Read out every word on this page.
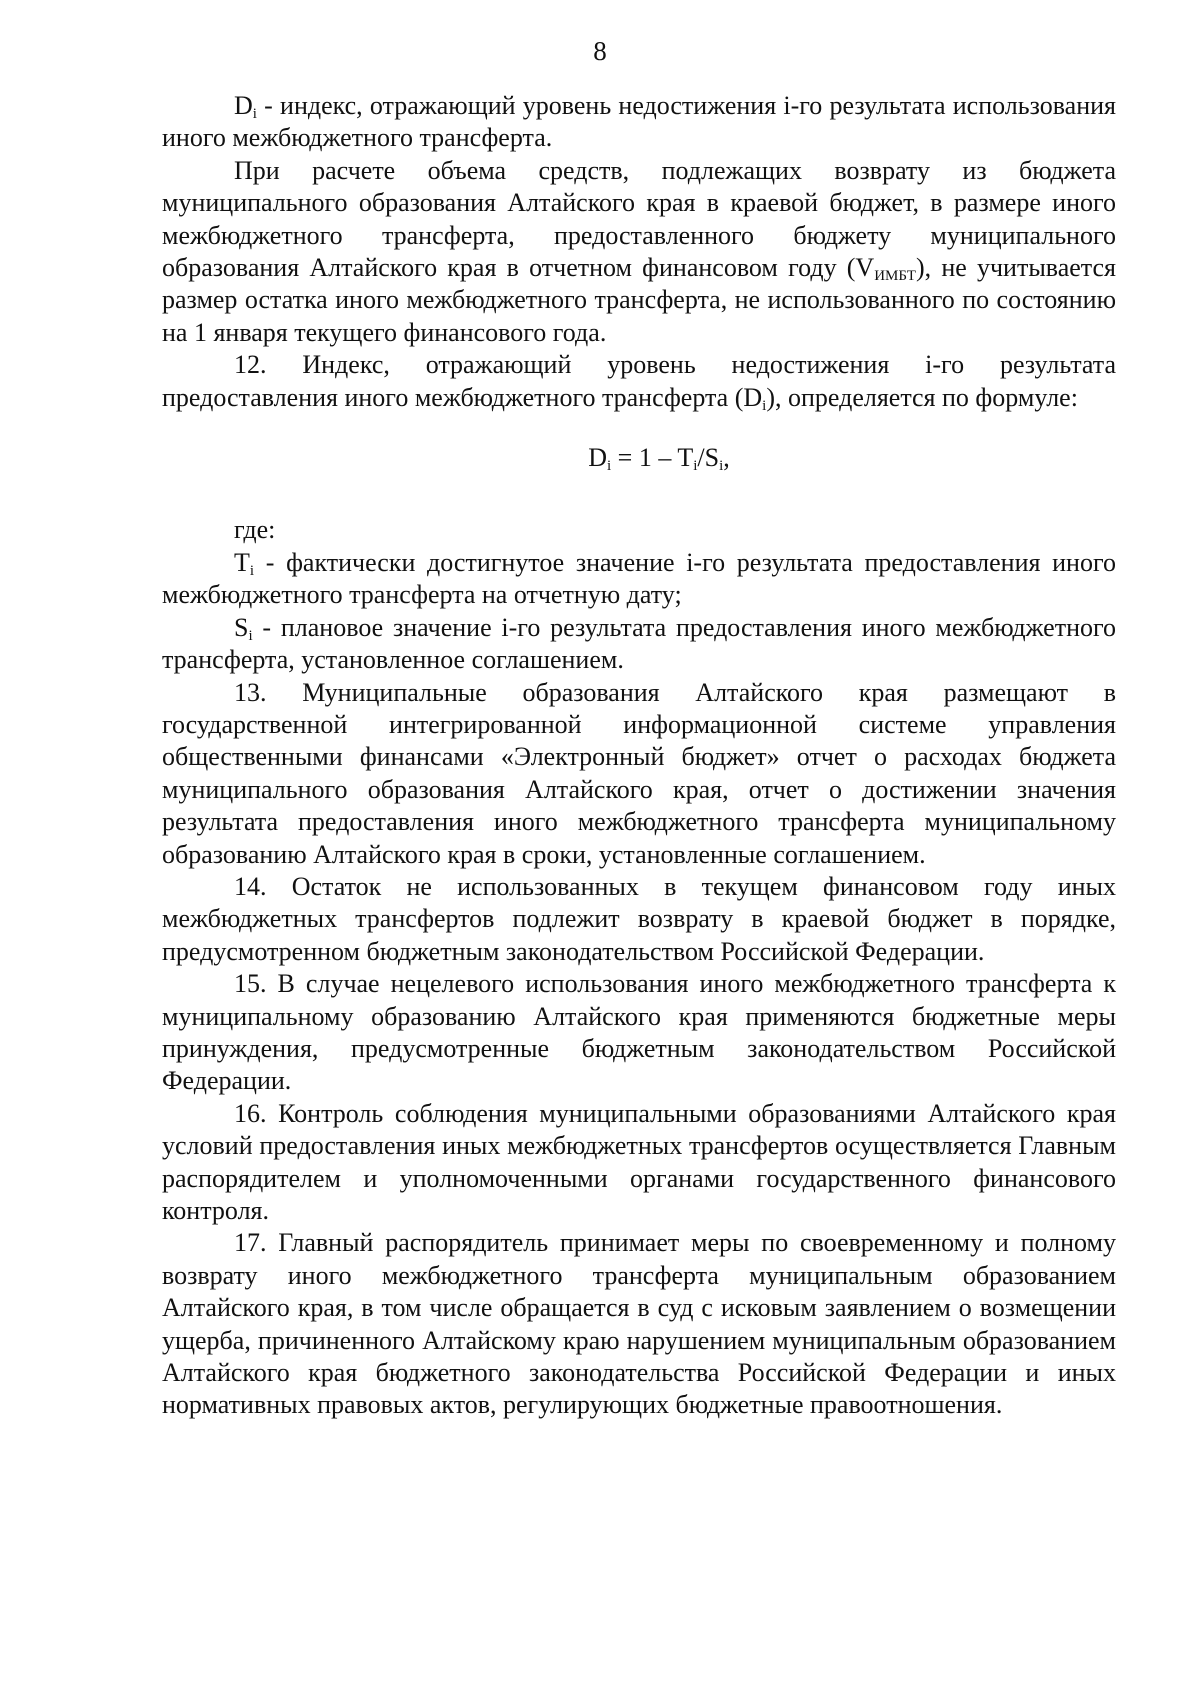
8

$D_i$ - индекс, отражающий уровень недостижения i-го результата использования иного межбюджетного трансферта.

При расчете объема средств, подлежащих возврату из бюджета муниципального образования Алтайского края в краевой бюджет, в размере иного межбюджетного трансферта, предоставленного бюджету муниципального образования Алтайского края в отчетном финансовом году $(V_{ИМБТ})$, не учитывается размер остатка иного межбюджетного трансферта, не использованного по состоянию на 1 января текущего финансового года.

12. Индекс, отражающий уровень недостижения i-го результата предоставления иного межбюджетного трансферта $(D_i)$, определяется по формуле:

$D_i = 1 - T_i/S_i$,

где:

$T_i$ - фактически достигнутое значение i-го результата предоставления иного межбюджетного трансферта на отчетную дату;

$S_i$ - плановое значение i-го результата предоставления иного межбюджетного трансферта, установленное соглашением.

13. Муниципальные образования Алтайского края размещают в государственной интегрированной информационной системе управления общественными финансами «Электронный бюджет» отчет о расходах бюджета муниципального образования Алтайского края, отчет о достижении значения результата предоставления иного межбюджетного трансферта муниципальному образованию Алтайского края в сроки, установленные соглашением.

14. Остаток не использованных в текущем финансовом году иных межбюджетных трансфертов подлежит возврату в краевой бюджет в порядке, предусмотренном бюджетным законодательством Российской Федерации.

15. В случае нецелевого использования иного межбюджетного трансферта к муниципальному образованию Алтайского края применяются бюджетные меры принуждения, предусмотренные бюджетным законодательством Российской Федерации.

16. Контроль соблюдения муниципальными образованиями Алтайского края условий предоставления иных межбюджетных трансфертов осуществляется Главным распорядителем и уполномоченными органами государственного финансового контроля.

17. Главный распорядитель принимает меры по своевременному и полному возврату иного межбюджетного трансферта муниципальным образованием Алтайского края, в том числе обращается в суд с исковым заявлением о возмещении ущерба, причиненного Алтайскому краю нарушением муниципальным образованием Алтайского края бюджетного законодательства Российской Федерации и иных нормативных правовых актов, регулирующих бюджетные правоотношения.
